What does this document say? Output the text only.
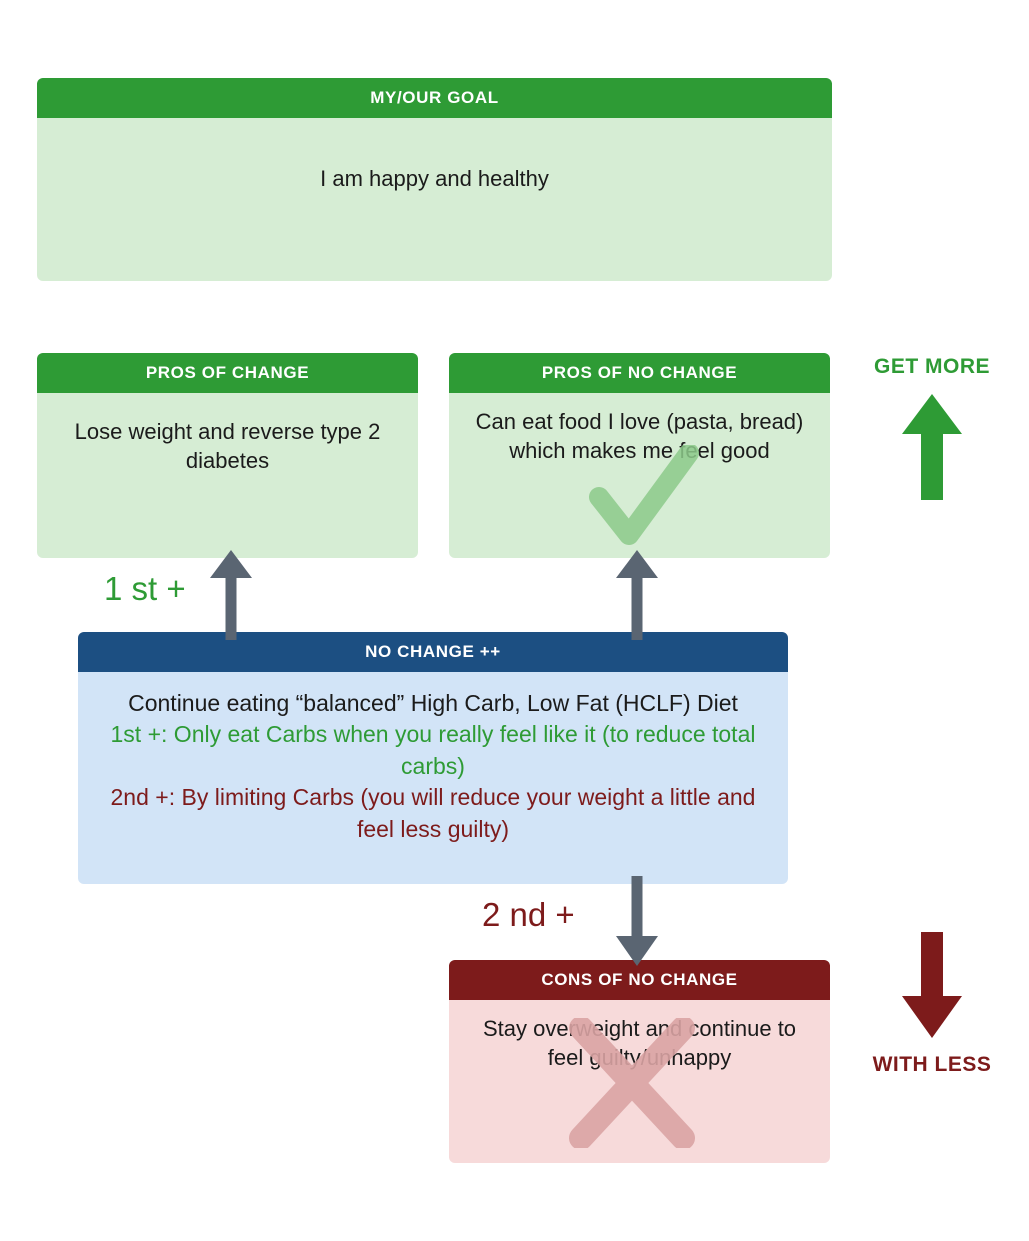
MY/OUR GOAL
I am happy and healthy
PROS OF CHANGE
Lose weight and reverse type 2 diabetes
PROS OF NO CHANGE
Can eat food I love (pasta, bread) which makes me feel good
NO CHANGE ++
Continue eating “balanced” High Carb, Low Fat (HCLF) Diet
1st +: Only eat Carbs when you really feel like it (to reduce total carbs)
2nd +: By limiting Carbs (you will reduce your weight a little and feel less guilty)
CONS OF NO CHANGE
Stay overweight and continue to feel guilty/unhappy
GET MORE
WITH LESS
1 st +
2 nd +
